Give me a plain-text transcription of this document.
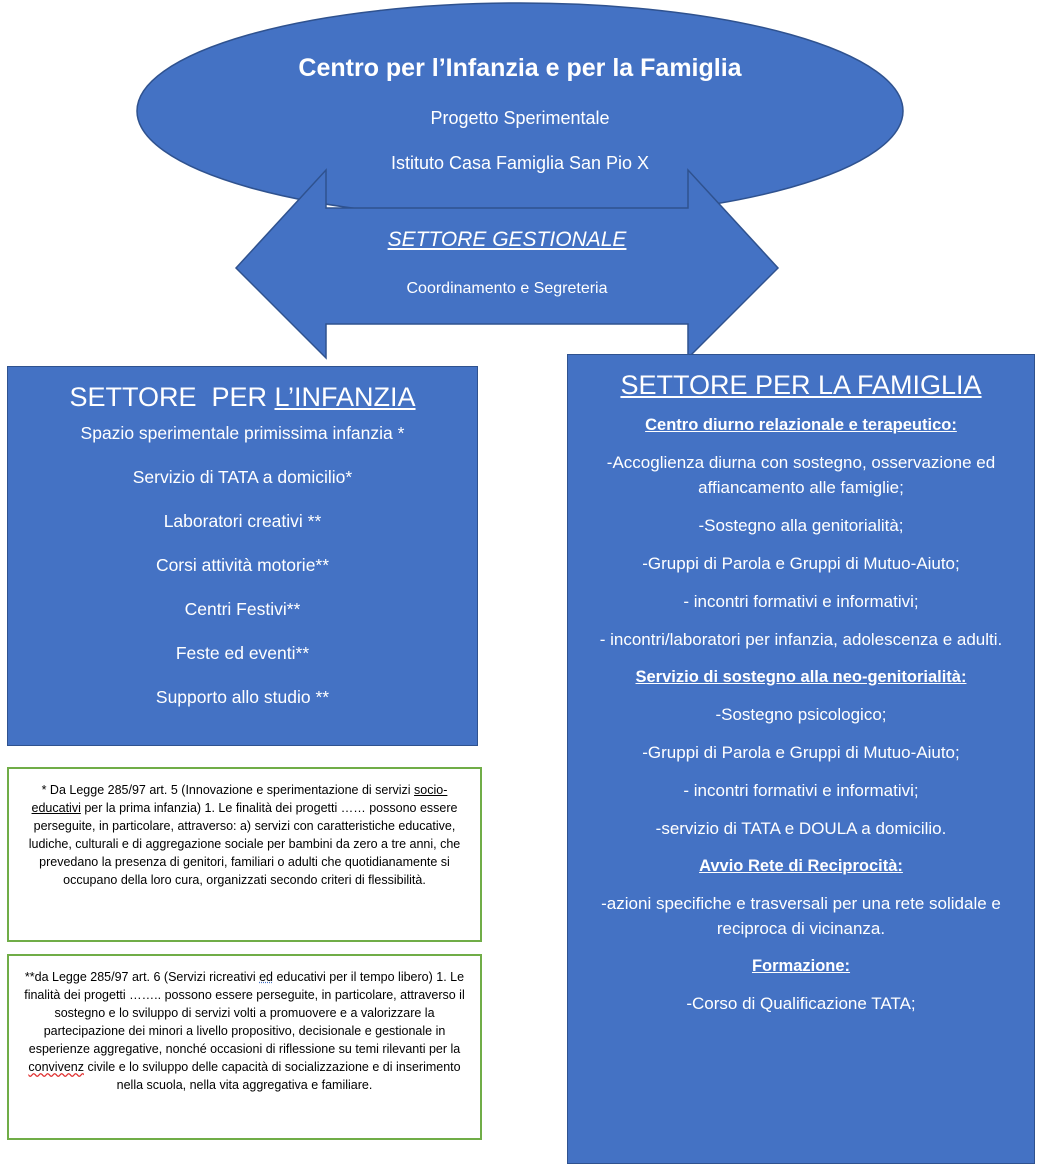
Centro per l’Infanzia e per la Famiglia

Progetto Sperimentale

Istituto Casa Famiglia San Pio X

SETTORE GESTIONALE

Coordinamento e Segreteria

SETTORE  PER L’INFANZIA

Spazio sperimentale primissima infanzia *

Servizio di TATA a domicilio*

Laboratori creativi **

Corsi attività motorie**

Centri Festivi**

Feste ed eventi**

Supporto allo studio **

SETTORE PER LA FAMIGLIA

Centro diurno relazionale e terapeutico:

-Accoglienza diurna con sostegno, osservazione ed affiancamento alle famiglie;

-Sostegno alla genitorialità;

-Gruppi di Parola e Gruppi di Mutuo-Aiuto;

- incontri formativi e informativi;

- incontri/laboratori per infanzia, adolescenza e adulti.

Servizio di sostegno alla neo-genitorialità:

-Sostegno psicologico;

-Gruppi di Parola e Gruppi di Mutuo-Aiuto;

- incontri formativi e informativi;

-servizio di TATA e DOULA a domicilio.

Avvio Rete di Reciprocità:

-azioni specifiche e trasversali per una rete solidale e reciproca di vicinanza.

Formazione:

-Corso di Qualificazione TATA;

* Da Legge 285/97 art. 5 (Innovazione e sperimentazione di servizi socio-educativi per la prima infanzia) 1. Le finalità dei progetti …… possono essere perseguite, in particolare, attraverso: a) servizi con caratteristiche educative, ludiche, culturali e di aggregazione sociale per bambini da zero a tre anni, che prevedano la presenza di genitori, familiari o adulti che quotidianamente si occupano della loro cura, organizzati secondo criteri di flessibilità.

**da Legge 285/97 art. 6 (Servizi ricreativi ed educativi per il tempo libero) 1. Le finalità dei progetti …….. possono essere perseguite, in particolare, attraverso il sostegno e lo sviluppo di servizi volti a promuovere e a valorizzare la partecipazione dei minori a livello propositivo, decisionale e gestionale in esperienze aggregative, nonché occasioni di riflessione su temi rilevanti per la convivenz civile e lo sviluppo delle capacità di socializzazione e di inserimento nella scuola, nella vita aggregativa e familiare.
